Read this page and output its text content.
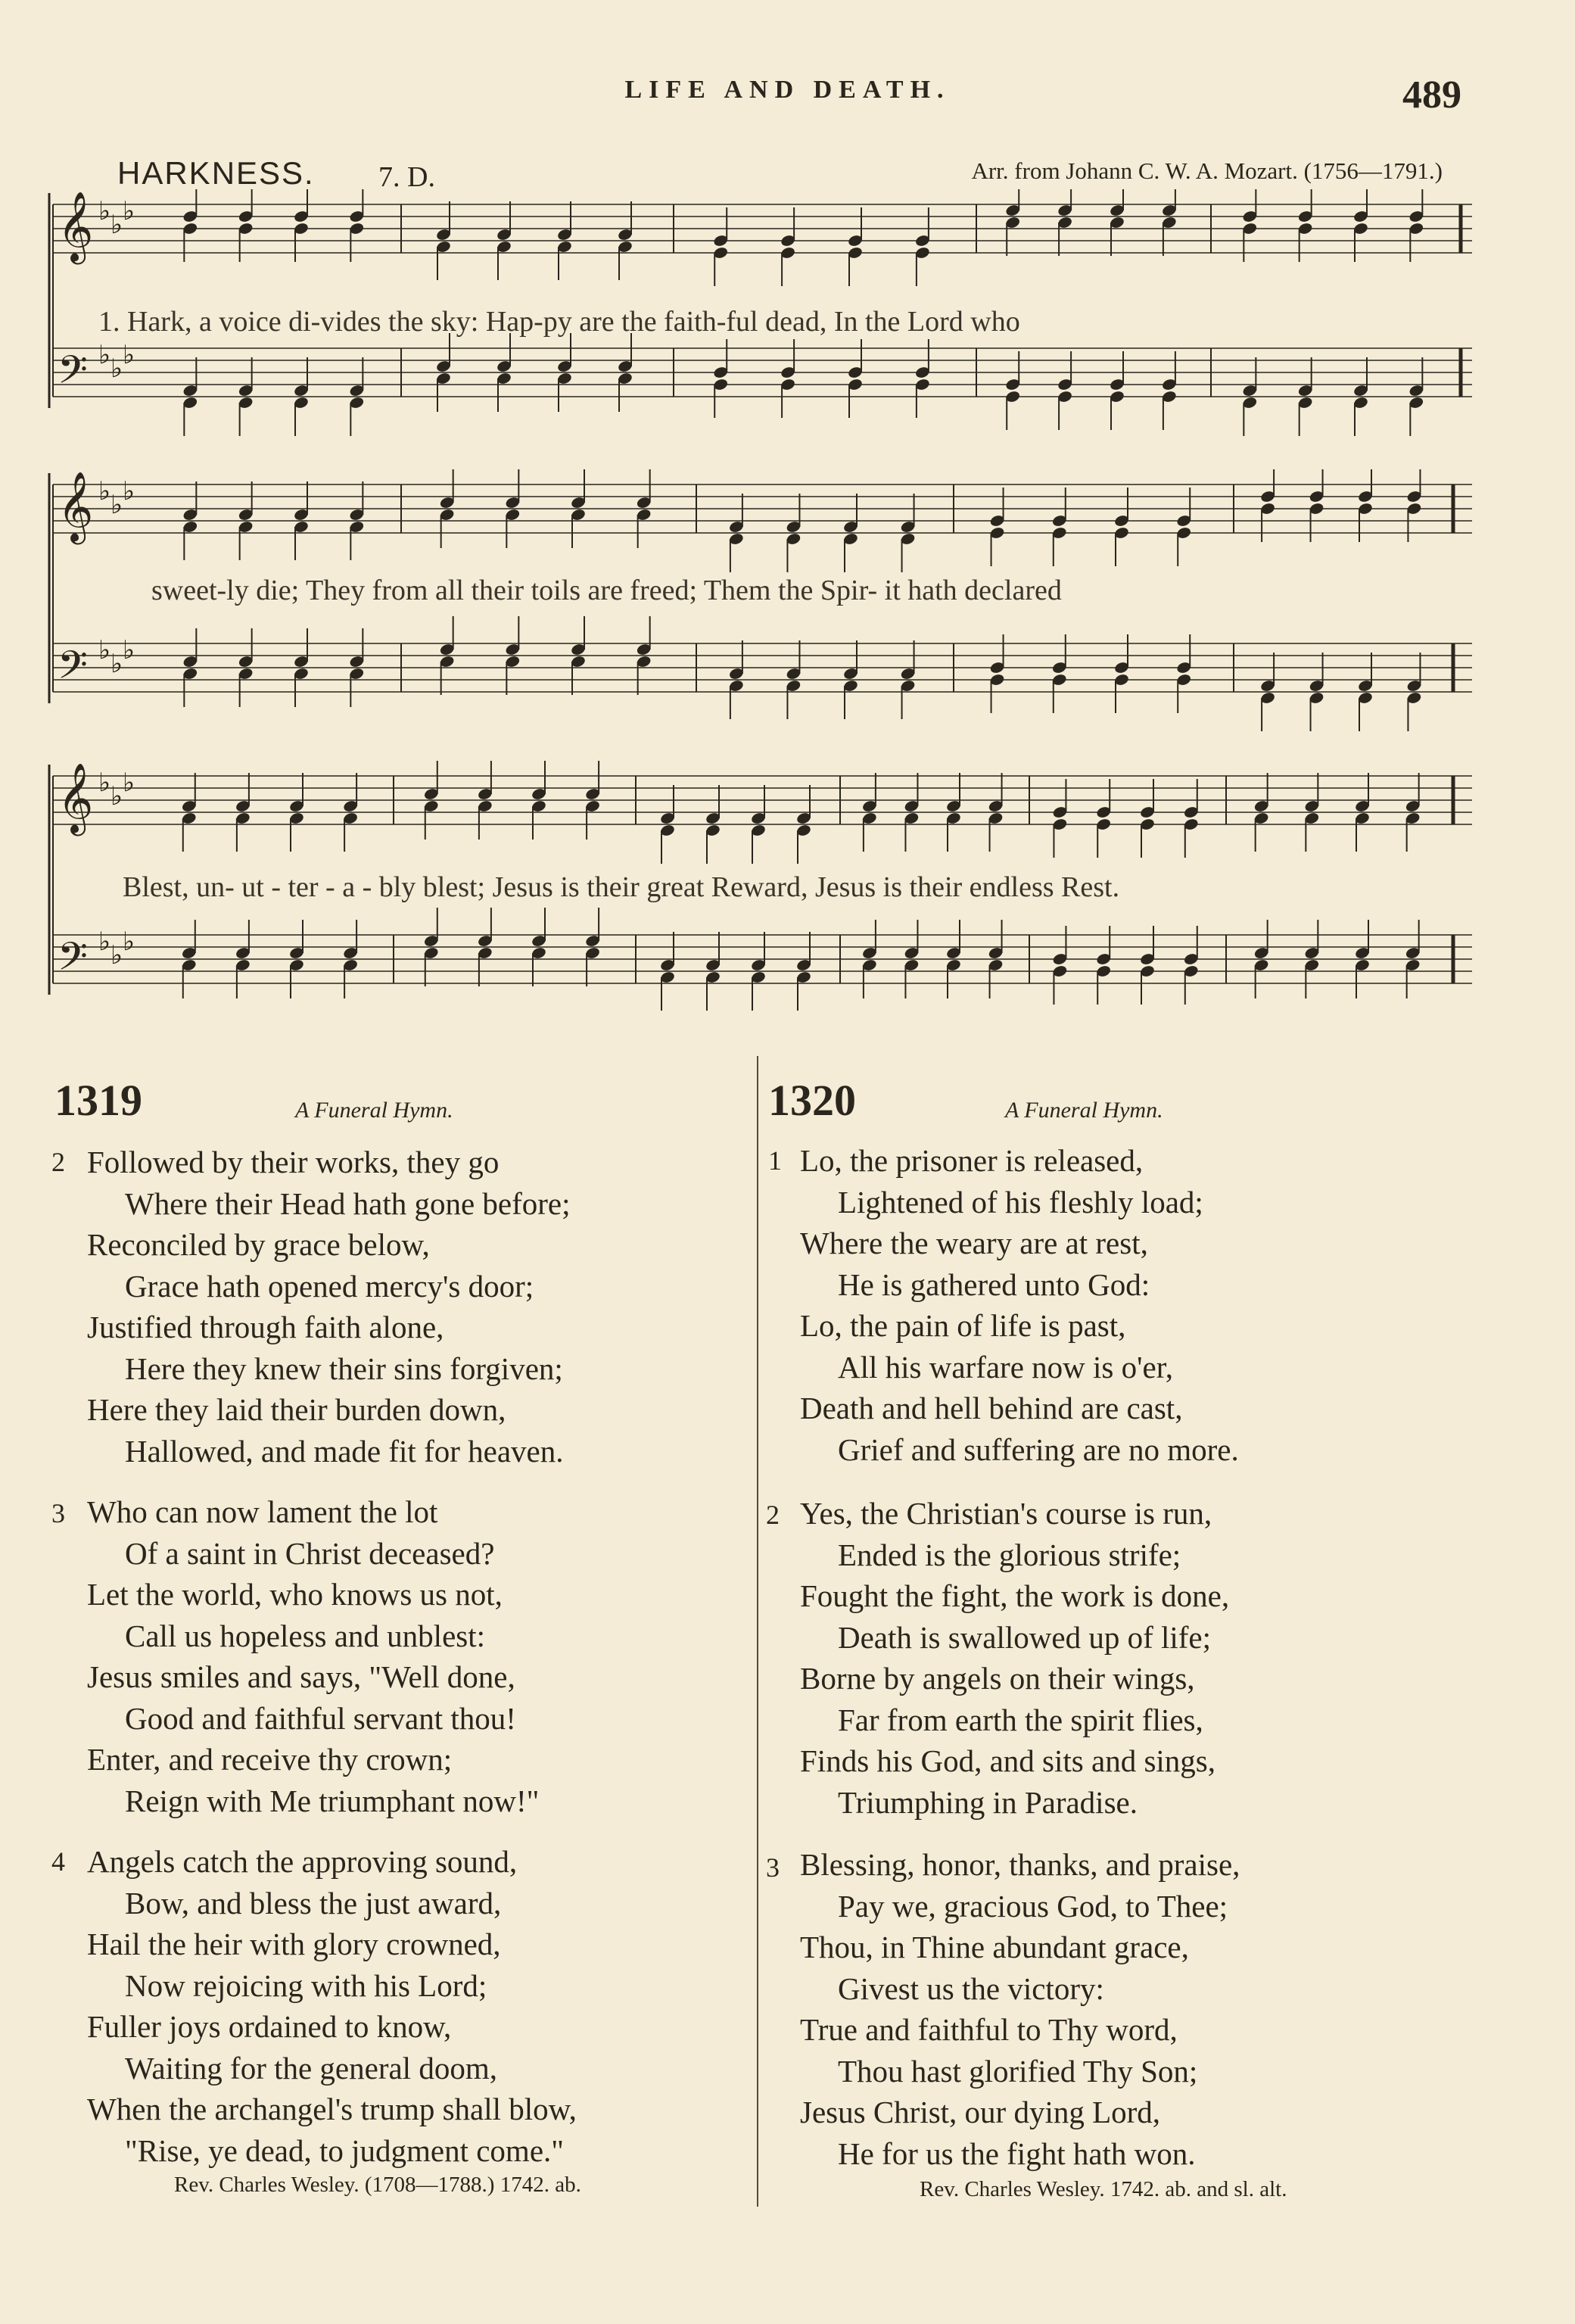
LIFE AND DEATH.	489
HARKNESS. 7. D.	Arr. from Johann C. W. A. Mozart. (1756—1791.)
𝄞 ♭ ♭ ♭
𝄢 ♭ ♭ ♭
1. Hark, a voice di-vides the sky: Hap-py are the faith-ful dead, In the Lord who
𝄞 ♭ ♭ ♭
𝄢 ♭ ♭ ♭
sweet-ly die; They from all their toils are freed; Them the Spir- it hath declared
𝄞 ♭ ♭ ♭
𝄢 ♭ ♭ ♭
Blest, un- ut - ter - a - bly blest; Jesus is their great Reward, Jesus is their endless Rest.
1319	A Funeral Hymn.
2 Followed by their works, they go
Where their Head hath gone before;
Reconciled by grace below,
Grace hath opened mercy's door;
Justified through faith alone,
Here they knew their sins forgiven;
Here they laid their burden down,
Hallowed, and made fit for heaven.
3 Who can now lament the lot
Of a saint in Christ deceased?
Let the world, who knows us not,
Call us hopeless and unblest:
Jesus smiles and says, "Well done,
Good and faithful servant thou!
Enter, and receive thy crown;
Reign with Me triumphant now!"
4 Angels catch the approving sound,
Bow, and bless the just award,
Hail the heir with glory crowned,
Now rejoicing with his Lord;
Fuller joys ordained to know,
Waiting for the general doom,
When the archangel's trump shall blow,
"Rise, ye dead, to judgment come."
Rev. Charles Wesley. (1708—1788.) 1742. ab.
1320	A Funeral Hymn.
1 Lo, the prisoner is released,
Lightened of his fleshly load;
Where the weary are at rest,
He is gathered unto God:
Lo, the pain of life is past,
All his warfare now is o'er,
Death and hell behind are cast,
Grief and suffering are no more.
2 Yes, the Christian's course is run,
Ended is the glorious strife;
Fought the fight, the work is done,
Death is swallowed up of life;
Borne by angels on their wings,
Far from earth the spirit flies,
Finds his God, and sits and sings,
Triumphing in Paradise.
3 Blessing, honor, thanks, and praise,
Pay we, gracious God, to Thee;
Thou, in Thine abundant grace,
Givest us the victory:
True and faithful to Thy word,
Thou hast glorified Thy Son;
Jesus Christ, our dying Lord,
He for us the fight hath won.
Rev. Charles Wesley. 1742. ab. and sl. alt.
